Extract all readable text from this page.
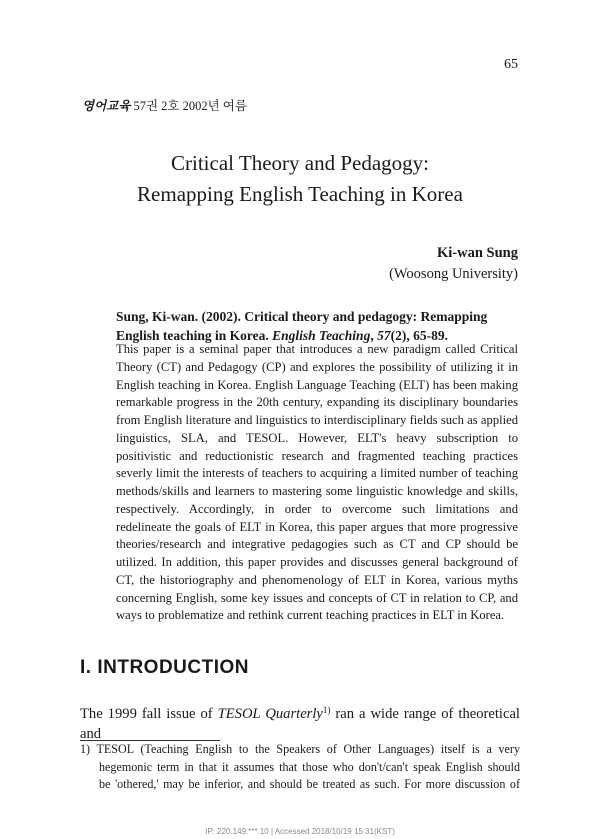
65
영어교육 57권 2호 2002년 여름
Critical Theory and Pedagogy:
Remapping English Teaching in Korea
Ki-wan Sung
(Woosong University)
Sung, Ki-wan. (2002). Critical theory and pedagogy: Remapping English teaching in Korea. English Teaching, 57(2), 65-89.
This paper is a seminal paper that introduces a new paradigm called Critical Theory (CT) and Pedagogy (CP) and explores the possibility of utilizing it in English teaching in Korea. English Language Teaching (ELT) has been making remarkable progress in the 20th century, expanding its disciplinary boundaries from English literature and linguistics to interdisciplinary fields such as applied linguistics, SLA, and TESOL. However, ELT's heavy subscription to positivistic and reductionistic research and fragmented teaching practices severly limit the interests of teachers to acquiring a limited number of teaching methods/skills and learners to mastering some linguistic knowledge and skills, respectively. Accordingly, in order to overcome such limitations and redelineate the goals of ELT in Korea, this paper argues that more progressive theories/research and integrative pedagogies such as CT and CP should be utilized. In addition, this paper provides and discusses general background of CT, the historiography and phenomenology of ELT in Korea, various myths concerning English, some key issues and concepts of CT in relation to CP, and ways to problematize and rethink current teaching practices in ELT in Korea.
I. INTRODUCTION
The 1999 fall issue of TESOL Quarterly$^{1)}$ ran a wide range of theoretical and
1) TESOL (Teaching English to the Speakers of Other Languages) itself is a very
hegemonic term in that it assumes that those who don't/can't speak English should
be 'othered,' may be inferior, and should be treated as such. For more discussion of
IP: 220.149.***.10 | Accessed 2018/10/19 15:31(KST)
